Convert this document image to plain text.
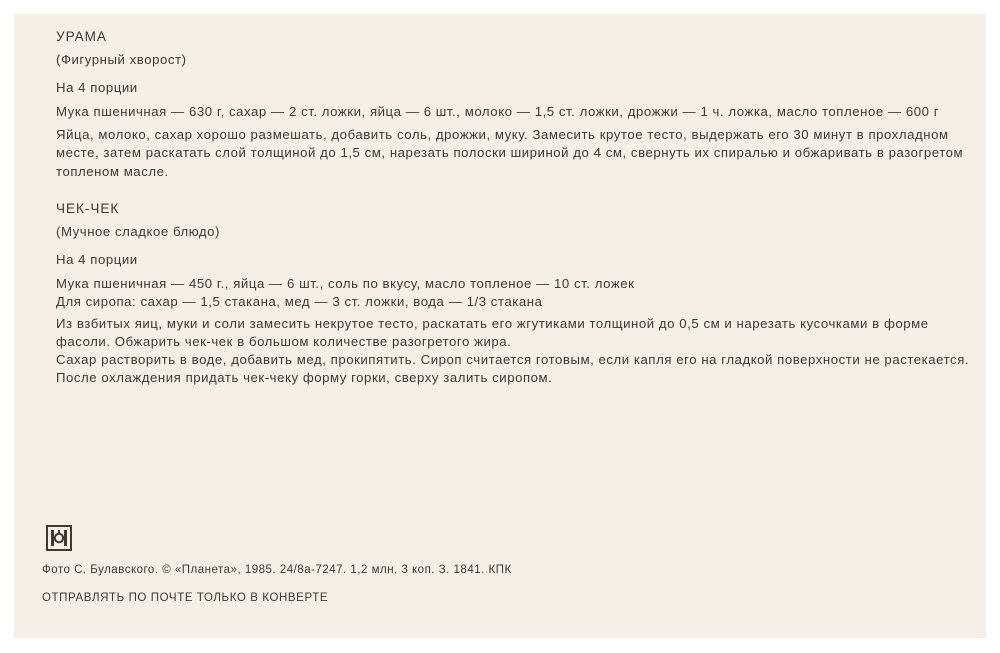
УРАМА

(Фигурный хворост)

На 4 порции

Мука пшеничная — 630 г, сахар — 2 ст. ложки, яйца — 6 шт., молоко — 1,5 ст. ложки, дрожжи — 1 ч. ложка, масло топленое — 600 г

Яйца, молоко, сахар хорошо размешать, добавить соль, дрожжи, муку. Замесить крутое тесто, выдержать его 30 минут в прохладном месте, затем раскатать слой толщиной до 1,5 см, нарезать полоски шириной до 4 см, свернуть их спиралью и обжаривать в разогретом топленом масле.

ЧЕК-ЧЕК

(Мучное сладкое блюдо)

На 4 порции

Мука пшеничная — 450 г., яйца — 6 шт., соль по вкусу, масло топленое — 10 ст. ложек

Для сиропа: сахар — 1,5 стакана, мед — 3 ст. ложки, вода — 1/3 стакана

Из взбитых яиц, муки и соли замесить некрутое тесто, раскатать его жгутиками толщиной до 0,5 см и нарезать кусочками в форме фасоли. Обжарить чек-чек в большом количестве разогретого жира.

Сахар растворить в воде, добавить мед, прокипятить. Сироп считается готовым, если капля его на гладкой поверхности не растекается. После охлаждения придать чек-чеку форму горки, сверху залить сиропом.

Фото С. Булавского. © «Планета», 1985. 24/8а-7247. 1,2 млн. 3 коп. З. 1841. КПК
ОТПРАВЛЯТЬ ПО ПОЧТЕ ТОЛЬКО В КОНВЕРТЕ
